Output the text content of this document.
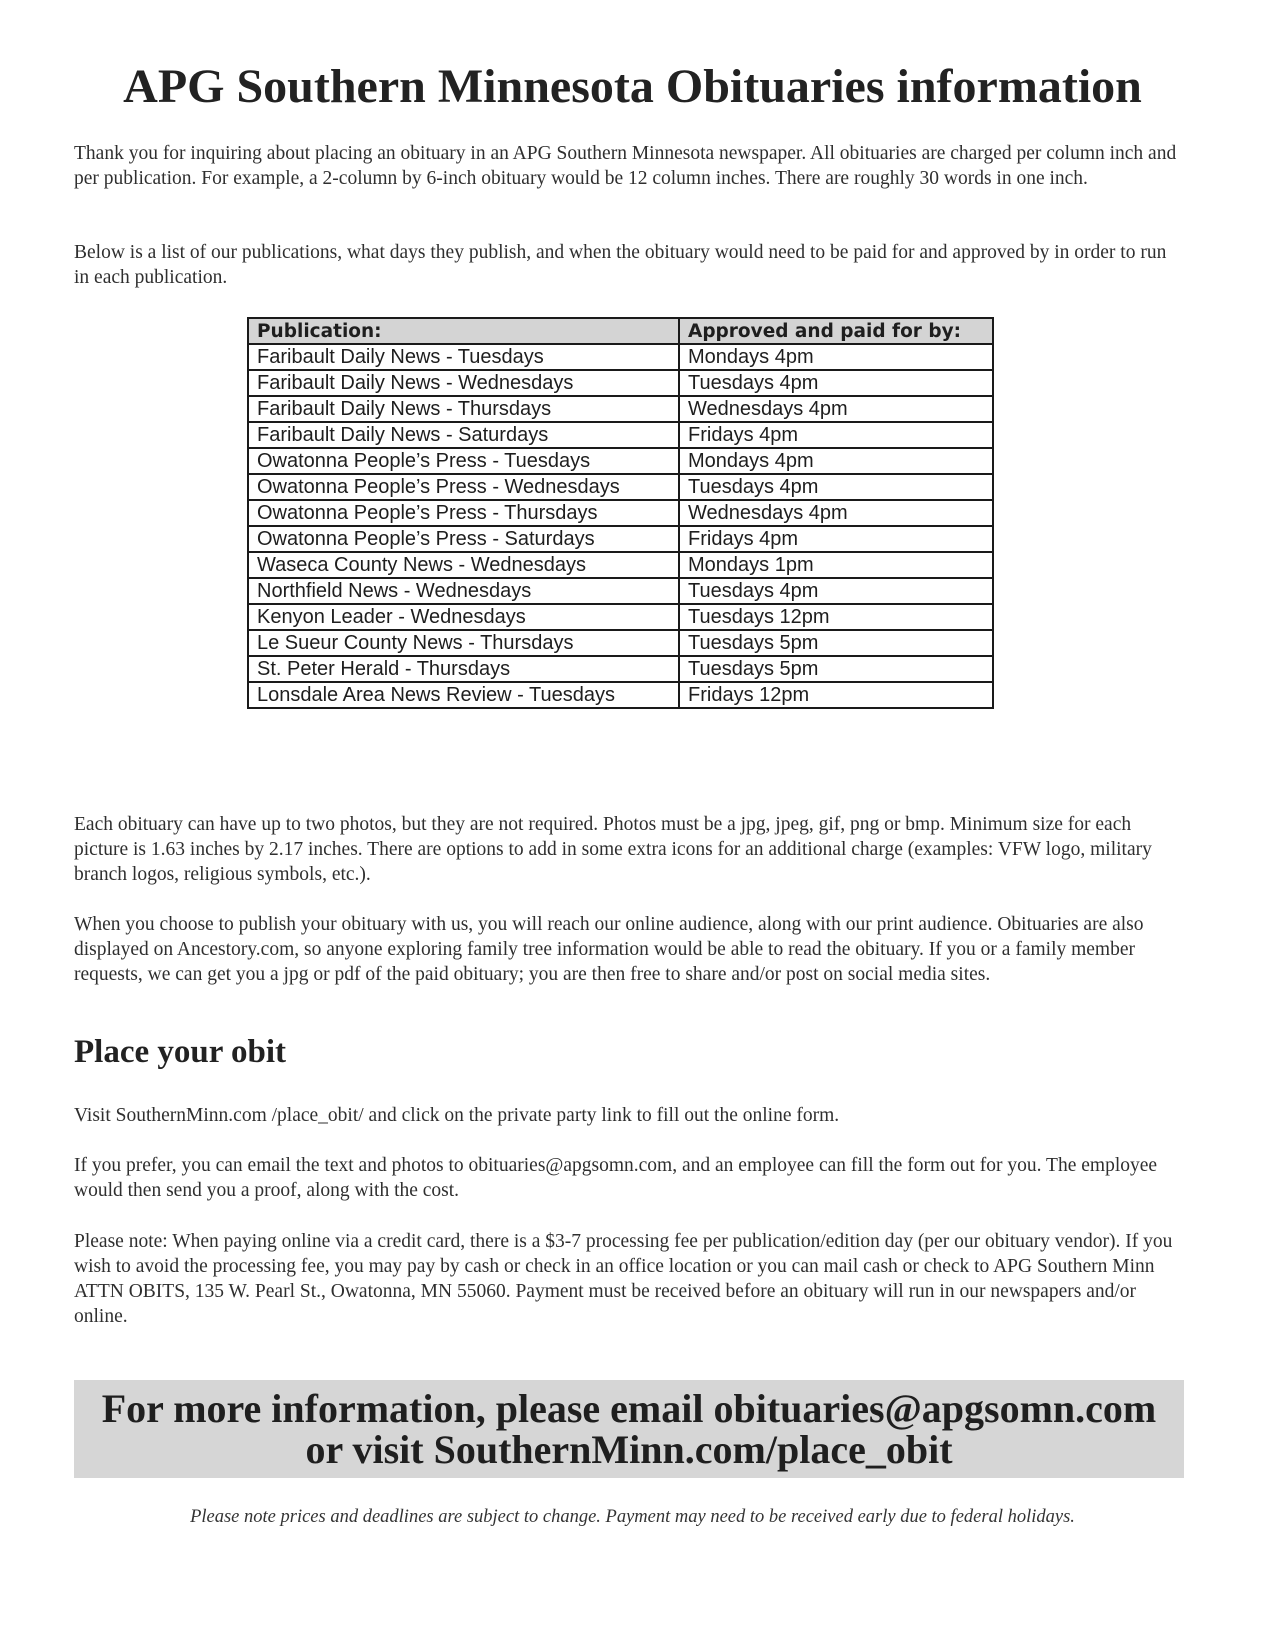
APG Southern Minnesota Obituaries information

Thank you for inquiring about placing an obituary in an APG Southern Minnesota newspaper. All obituaries are charged per column inch and per publication. For example, a 2-column by 6-inch obituary would be 12 column inches. There are roughly 30 words in one inch.

Below is a list of our publications, what days they publish, and when the obituary would need to be paid for and approved by in order to run in each publication.

Publication:	Approved and paid for by:
Faribault Daily News - Tuesdays	Mondays 4pm
Faribault Daily News - Wednesdays	Tuesdays 4pm
Faribault Daily News - Thursdays	Wednesdays 4pm
Faribault Daily News - Saturdays	Fridays 4pm
Owatonna People’s Press - Tuesdays	Mondays 4pm
Owatonna People’s Press - Wednesdays	Tuesdays 4pm
Owatonna People’s Press - Thursdays	Wednesdays 4pm
Owatonna People’s Press - Saturdays	Fridays 4pm
Waseca County News - Wednesdays	Mondays 1pm
Northfield News - Wednesdays	Tuesdays 4pm
Kenyon Leader - Wednesdays	Tuesdays 12pm
Le Sueur County News - Thursdays	Tuesdays 5pm
St. Peter Herald - Thursdays	Tuesdays 5pm
Lonsdale Area News Review - Tuesdays	Fridays 12pm

Each obituary can have up to two photos, but they are not required. Photos must be a jpg, jpeg, gif, png or bmp. Minimum size for each picture is 1.63 inches by 2.17 inches. There are options to add in some extra icons for an additional charge (examples: VFW logo, military branch logos, religious symbols, etc.).

When you choose to publish your obituary with us, you will reach our online audience, along with our print audience. Obituaries are also displayed on Ancestory.com, so anyone exploring family tree information would be able to read the obituary. If you or a family member requests, we can get you a jpg or pdf of the paid obituary; you are then free to share and/or post on social media sites.

Place your obit

Visit SouthernMinn.com /place_obit/ and click on the private party link to fill out the online form.

If you prefer, you can email the text and photos to obituaries@apgsomn.com, and an employee can fill the form out for you. The employee would then send you a proof, along with the cost.

Please note: When paying online via a credit card, there is a $3-7 processing fee per publication/edition day (per our obituary vendor). If you wish to avoid the processing fee, you may pay by cash or check in an office location or you can mail cash or check to APG Southern Minn ATTN OBITS, 135 W. Pearl St., Owatonna, MN 55060. Payment must be received before an obituary will run in our newspapers and/or online.

For more information, please email obituaries@apgsomn.com
or visit SouthernMinn.com/place_obit

Please note prices and deadlines are subject to change. Payment may need to be received early due to federal holidays.
